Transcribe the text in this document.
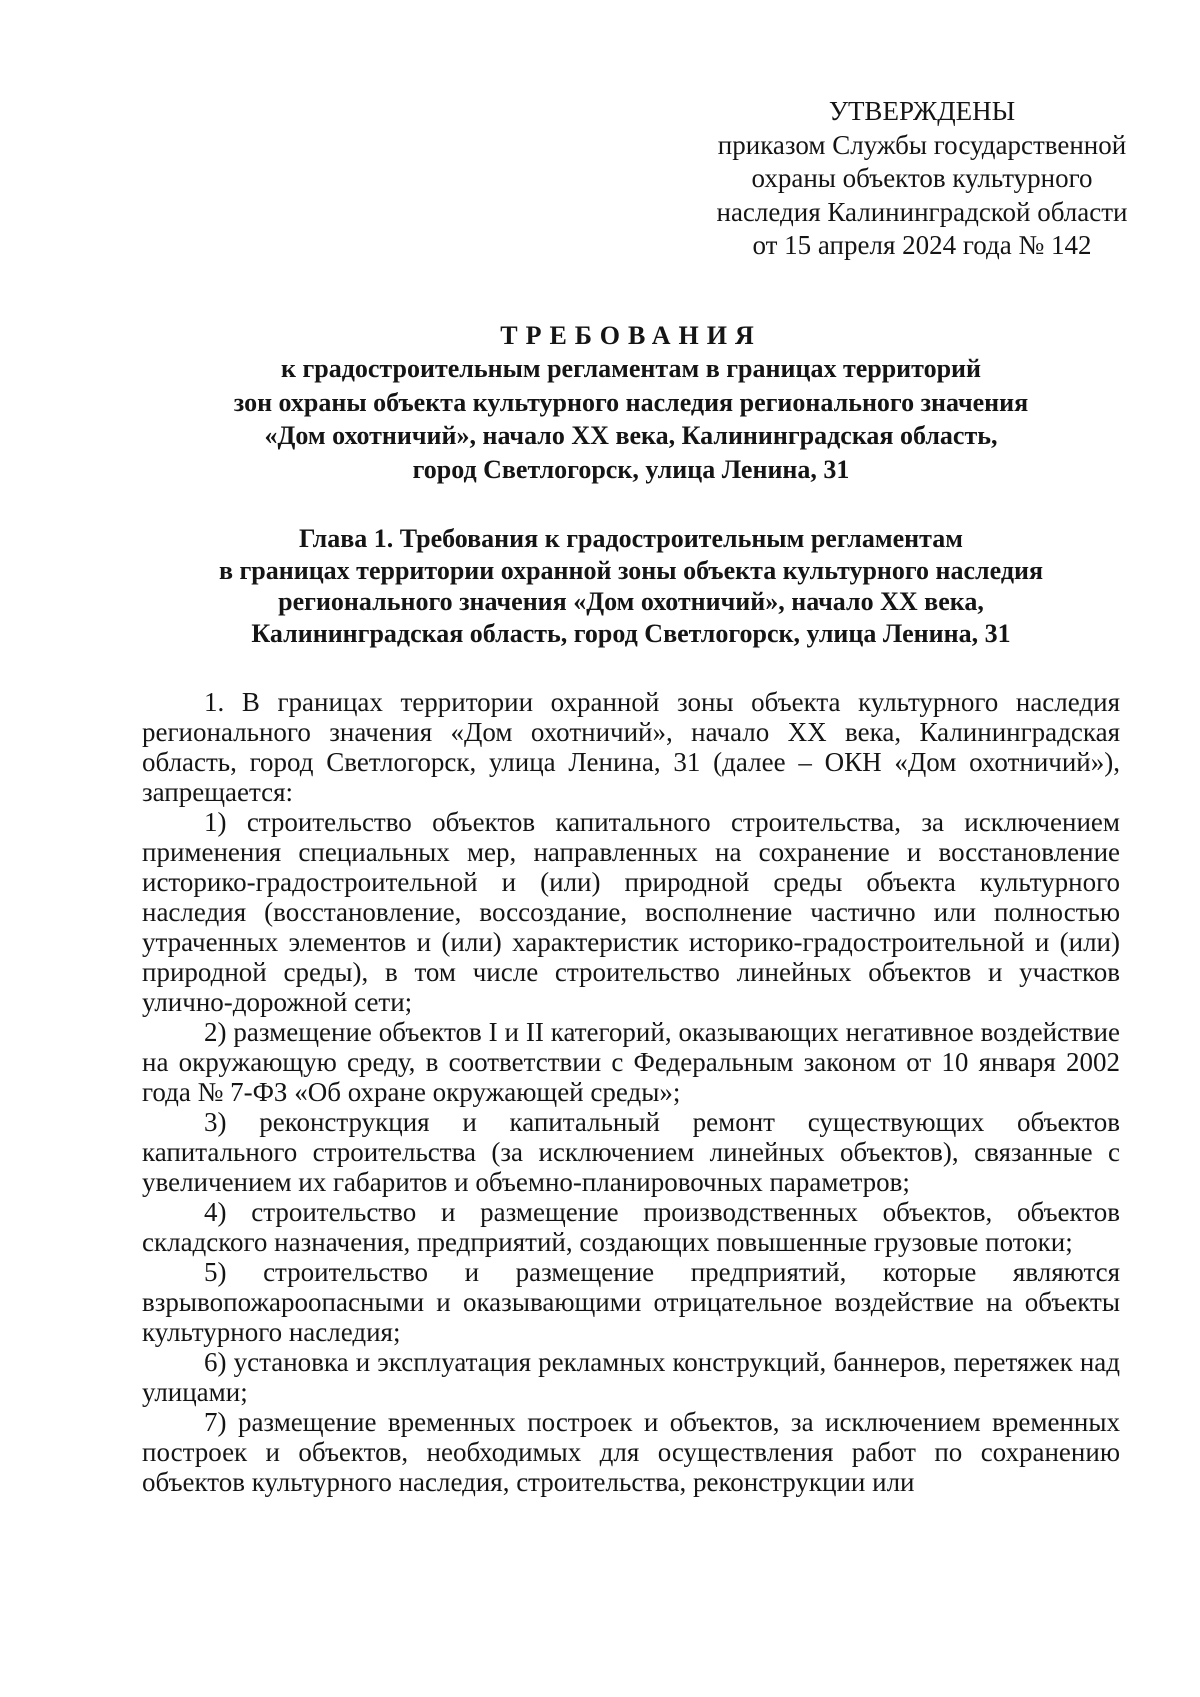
УТВЕРЖДЕНЫ
приказом Службы государственной
охраны объектов культурного
наследия Калининградской области
от 15 апреля 2024 года № 142
ТРЕБОВАНИЯ
к градостроительным регламентам в границах территорий
зон охраны объекта культурного наследия регионального значения
«Дом охотничий», начало XX века, Калининградская область,
город Светлогорск, улица Ленина, 31
Глава 1. Требования к градостроительным регламентам
в границах территории охранной зоны объекта культурного наследия
регионального значения «Дом охотничий», начало XX века,
Калининградская область, город Светлогорск, улица Ленина, 31

1. В границах территории охранной зоны объекта культурного наследия регионального значения «Дом охотничий», начало XX века, Калининградская область, город Светлогорск, улица Ленина, 31 (далее – ОКН «Дом охотничий»), запрещается:

1) строительство объектов капитального строительства, за исключением применения специальных мер, направленных на сохранение и восстановление историко-градостроительной и (или) природной среды объекта культурного наследия (восстановление, воссоздание, восполнение частично или полностью утраченных элементов и (или) характеристик историко-градостроительной и (или) природной среды), в том числе строительство линейных объектов и участков улично-дорожной сети;

2) размещение объектов I и II категорий, оказывающих негативное воздействие на окружающую среду, в соответствии с Федеральным законом от 10 января 2002 года № 7-ФЗ «Об охране окружающей среды»;

3) реконструкция и капитальный ремонт существующих объектов капитального строительства (за исключением линейных объектов), связанные с увеличением их габаритов и объемно-планировочных параметров;

4) строительство и размещение производственных объектов, объектов складского назначения, предприятий, создающих повышенные грузовые потоки;

5) строительство и размещение предприятий, которые являются взрывопожароопасными и оказывающими отрицательное воздействие на объекты культурного наследия;

6) установка и эксплуатация рекламных конструкций, баннеров, перетяжек над улицами;

7) размещение временных построек и объектов, за исключением временных построек и объектов, необходимых для осуществления работ по сохранению объектов культурного наследия, строительства, реконструкции или
